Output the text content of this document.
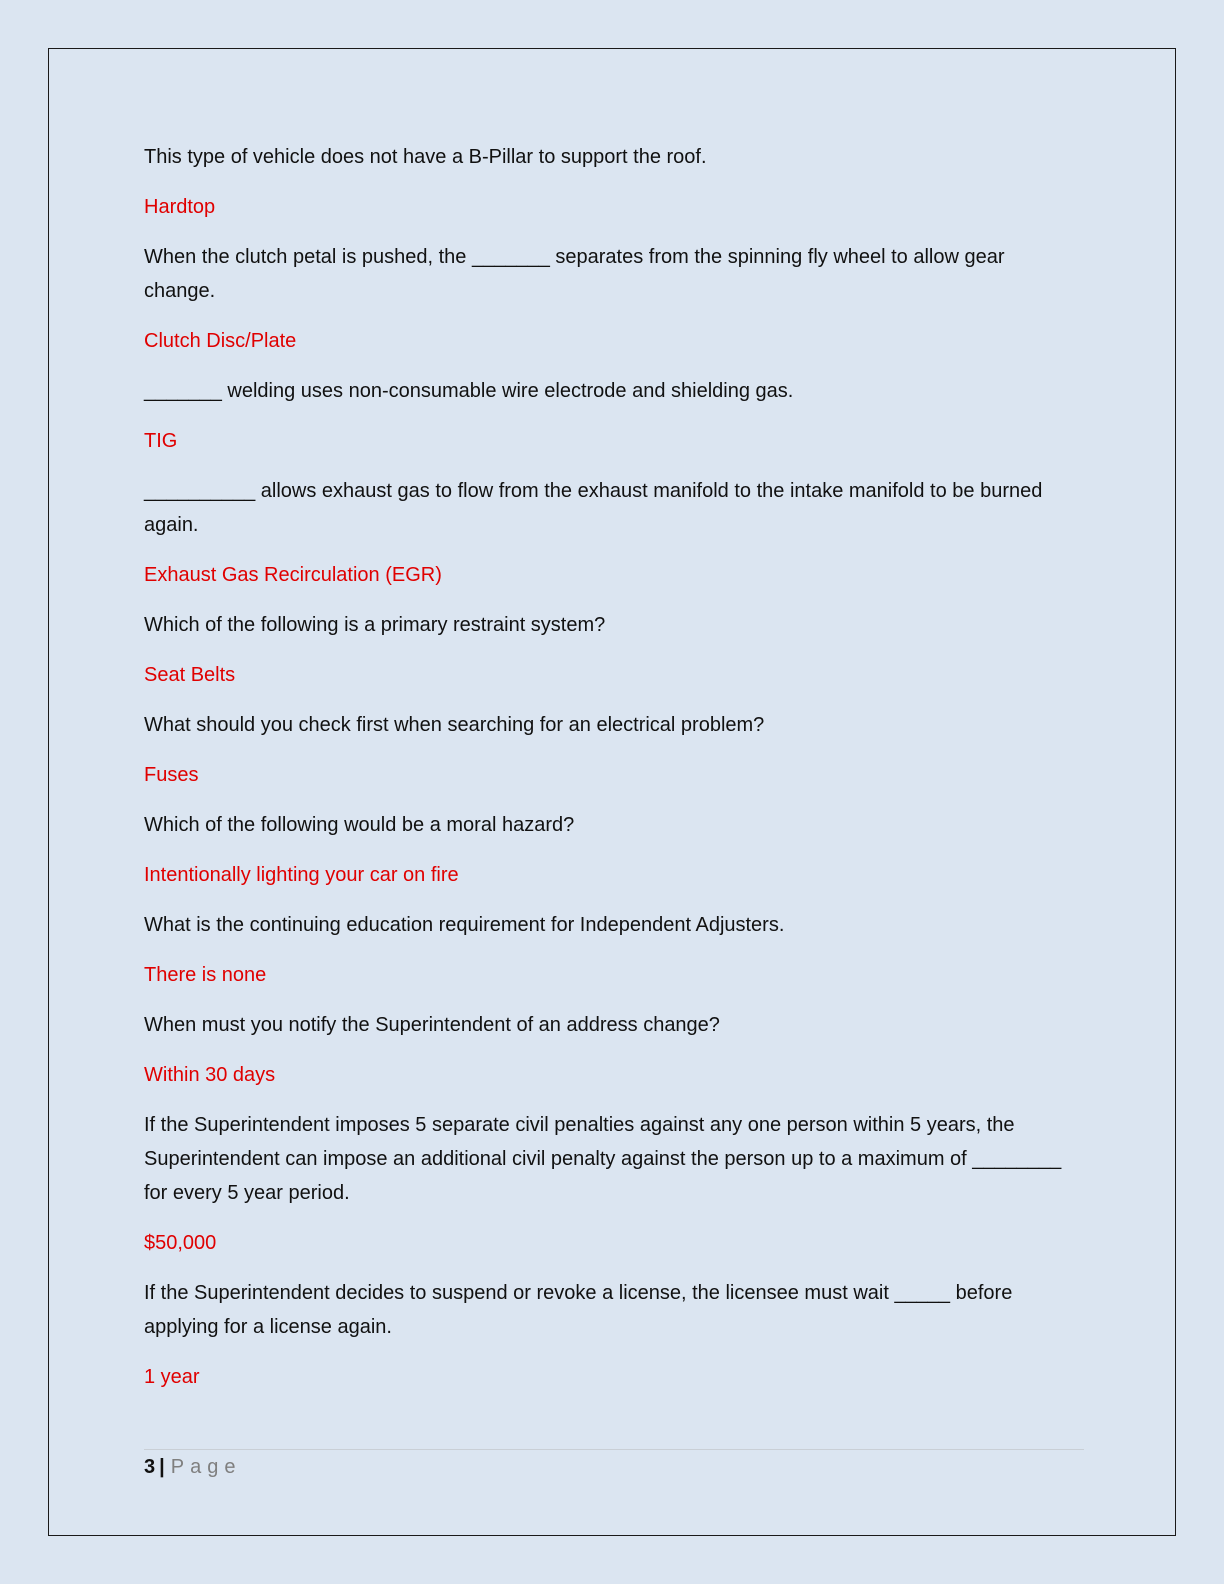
This type of vehicle does not have a B-Pillar to support the roof.

Hardtop

When the clutch petal is pushed, the _______ separates from the spinning fly wheel to allow gear change.

Clutch Disc/Plate

_______ welding uses non-consumable wire electrode and shielding gas.

TIG

__________ allows exhaust gas to flow from the exhaust manifold to the intake manifold to be burned again.

Exhaust Gas Recirculation (EGR)

Which of the following is a primary restraint system?

Seat Belts

What should you check first when searching for an electrical problem?

Fuses

Which of the following would be a moral hazard?

Intentionally lighting your car on fire

What is the continuing education requirement for Independent Adjusters.

There is none

When must you notify the Superintendent of an address change?

Within 30 days

If the Superintendent imposes 5 separate civil penalties against any one person within 5 years, the Superintendent can impose an additional civil penalty against the person up to a maximum of ________ for every 5 year period.

$50,000

If the Superintendent decides to suspend or revoke a license, the licensee must wait _____ before applying for a license again.

1 year

3 | Page
